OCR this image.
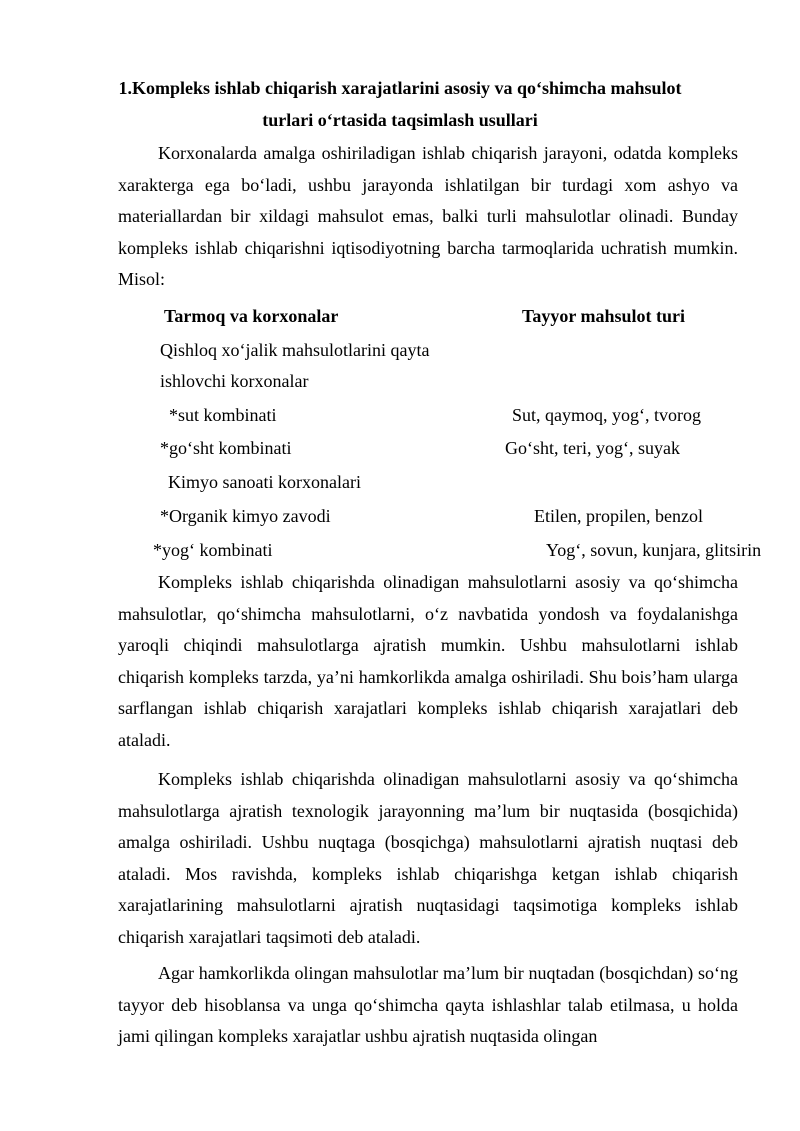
1.Kompleks ishlab chiqarish xarajatlarini asosiy va qo‘shimcha mahsulot
turlari o‘rtasida taqsimlash usullari

Korxonalarda amalga oshiriladigan ishlab chiqarish jarayoni, odatda kompleks xarakterga ega bo‘ladi, ushbu jarayonda ishlatilgan bir turdagi xom ashyo va materiallardan bir xildagi mahsulot emas, balki turli mahsulotlar olinadi. Bunday kompleks ishlab chiqarishni iqtisodiyotning barcha tarmoqlarida uchratish mumkin. Misol:

Tarmoq va korxonalar	Tayyor mahsulot turi
Qishloq xo‘jalik mahsulotlarini qayta
ishlovchi korxonalar
*sut kombinati	Sut, qaymoq, yog‘, tvorog
*go‘sht kombinati	Go‘sht, teri, yog‘, suyak
Kimyo sanoati korxonalari
*Organik kimyo zavodi	Etilen, propilen, benzol
*yog‘ kombinati	Yog‘, sovun, kunjara, glitsirin

Kompleks ishlab chiqarishda olinadigan mahsulotlarni asosiy va qo‘shimcha mahsulotlar, qo‘shimcha mahsulotlarni, o‘z navbatida yondosh va foydalanishga yaroqli chiqindi mahsulotlarga ajratish mumkin. Ushbu mahsulotlarni ishlab chiqarish kompleks tarzda, ya’ni hamkorlikda amalga oshiriladi. Shu bois’ham ularga sarflangan ishlab chiqarish xarajatlari kompleks ishlab chiqarish xarajatlari deb ataladi.

Kompleks ishlab chiqarishda olinadigan mahsulotlarni asosiy va qo‘shimcha mahsulotlarga ajratish texnologik jarayonning ma’lum bir nuqtasida (bosqichida) amalga oshiriladi. Ushbu nuqtaga (bosqichga) mahsulotlarni ajratish nuqtasi deb ataladi. Mos ravishda, kompleks ishlab chiqarishga ketgan ishlab chiqarish xarajatlarining mahsulotlarni ajratish nuqtasidagi taqsimotiga kompleks ishlab chiqarish xarajatlari taqsimoti deb ataladi.

Agar hamkorlikda olingan mahsulotlar ma’lum bir nuqtadan (bosqichdan) so‘ng tayyor deb hisoblansa va unga qo‘shimcha qayta ishlashlar talab etilmasa, u holda jami qilingan kompleks xarajatlar ushbu ajratish nuqtasida olingan
